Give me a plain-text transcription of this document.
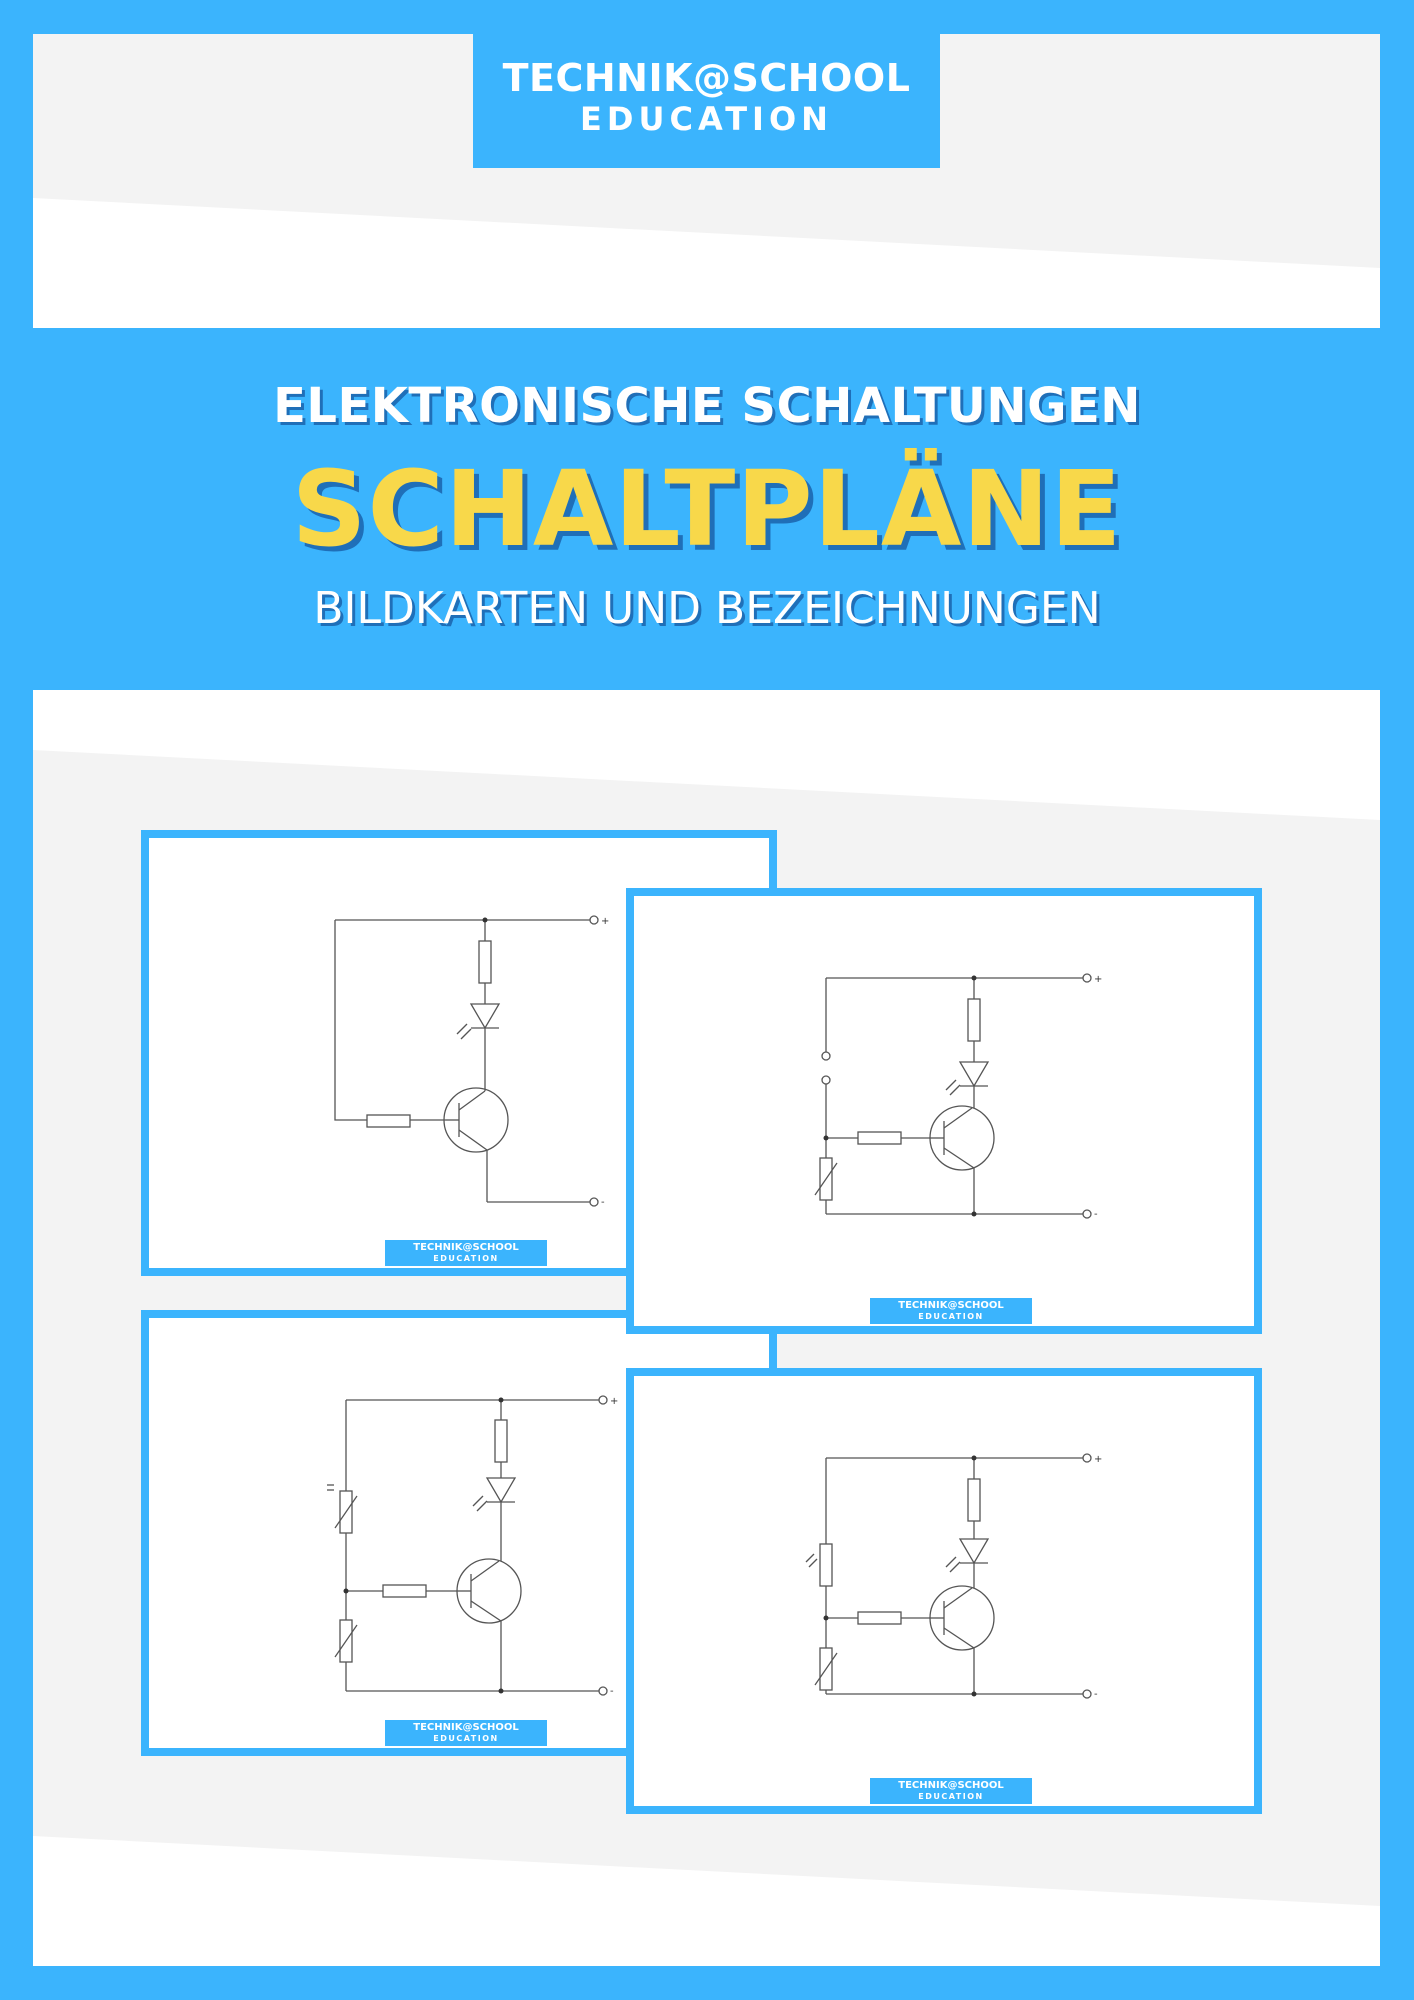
TECHNIK@SCHOOL
EDUCATION
ELEKTRONISCHE SCHALTUNGEN
SCHALTPLÄNE
BILDKARTEN UND BEZEICHNUNGEN
+
-
TECHNIK@SCHOOL
EDUCATION
+
-
TECHNIK@SCHOOL
EDUCATION
+
-
TECHNIK@SCHOOL
EDUCATION
+
-
TECHNIK@SCHOOL
EDUCATION
